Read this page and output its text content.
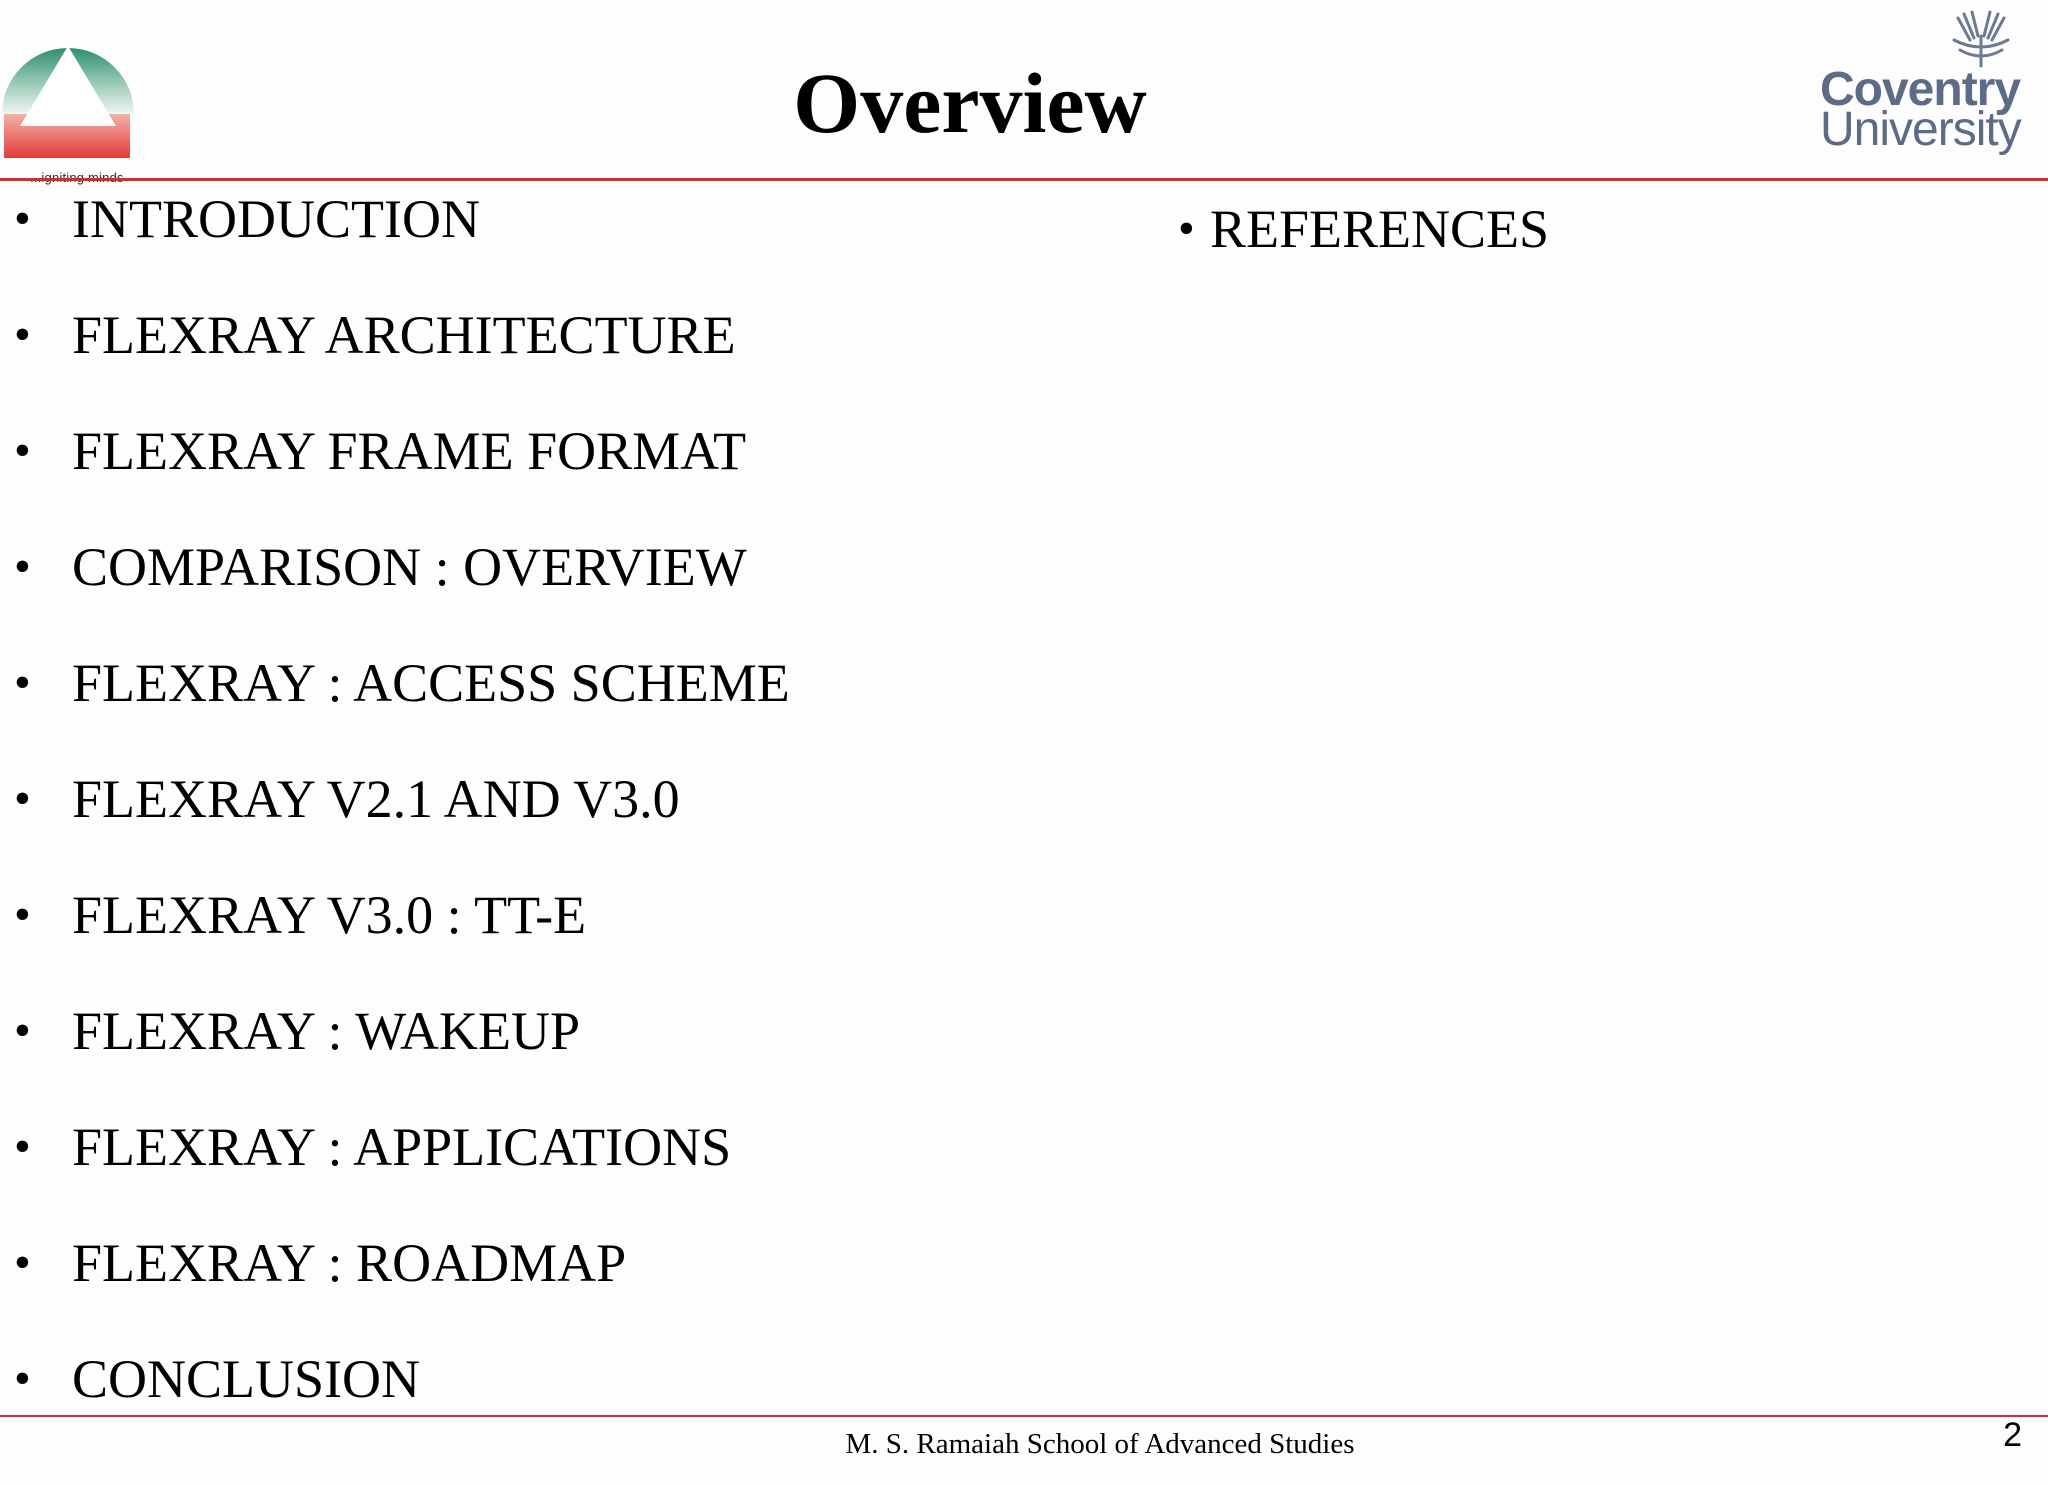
Overview	Coventry
University
• INTRODUCTION
• FLEXRAY ARCHITECTURE
• FLEXRAY FRAME FORMAT
• COMPARISON : OVERVIEW
• FLEXRAY : ACCESS SCHEME
• FLEXRAY V2.1 AND V3.0
• FLEXRAY V3.0 : TT-E
• FLEXRAY : WAKEUP
• FLEXRAY : APPLICATIONS
• FLEXRAY : ROADMAP
• CONCLUSION
• REFERENCES
M. S. Ramaiah School of Advanced Studies	2
